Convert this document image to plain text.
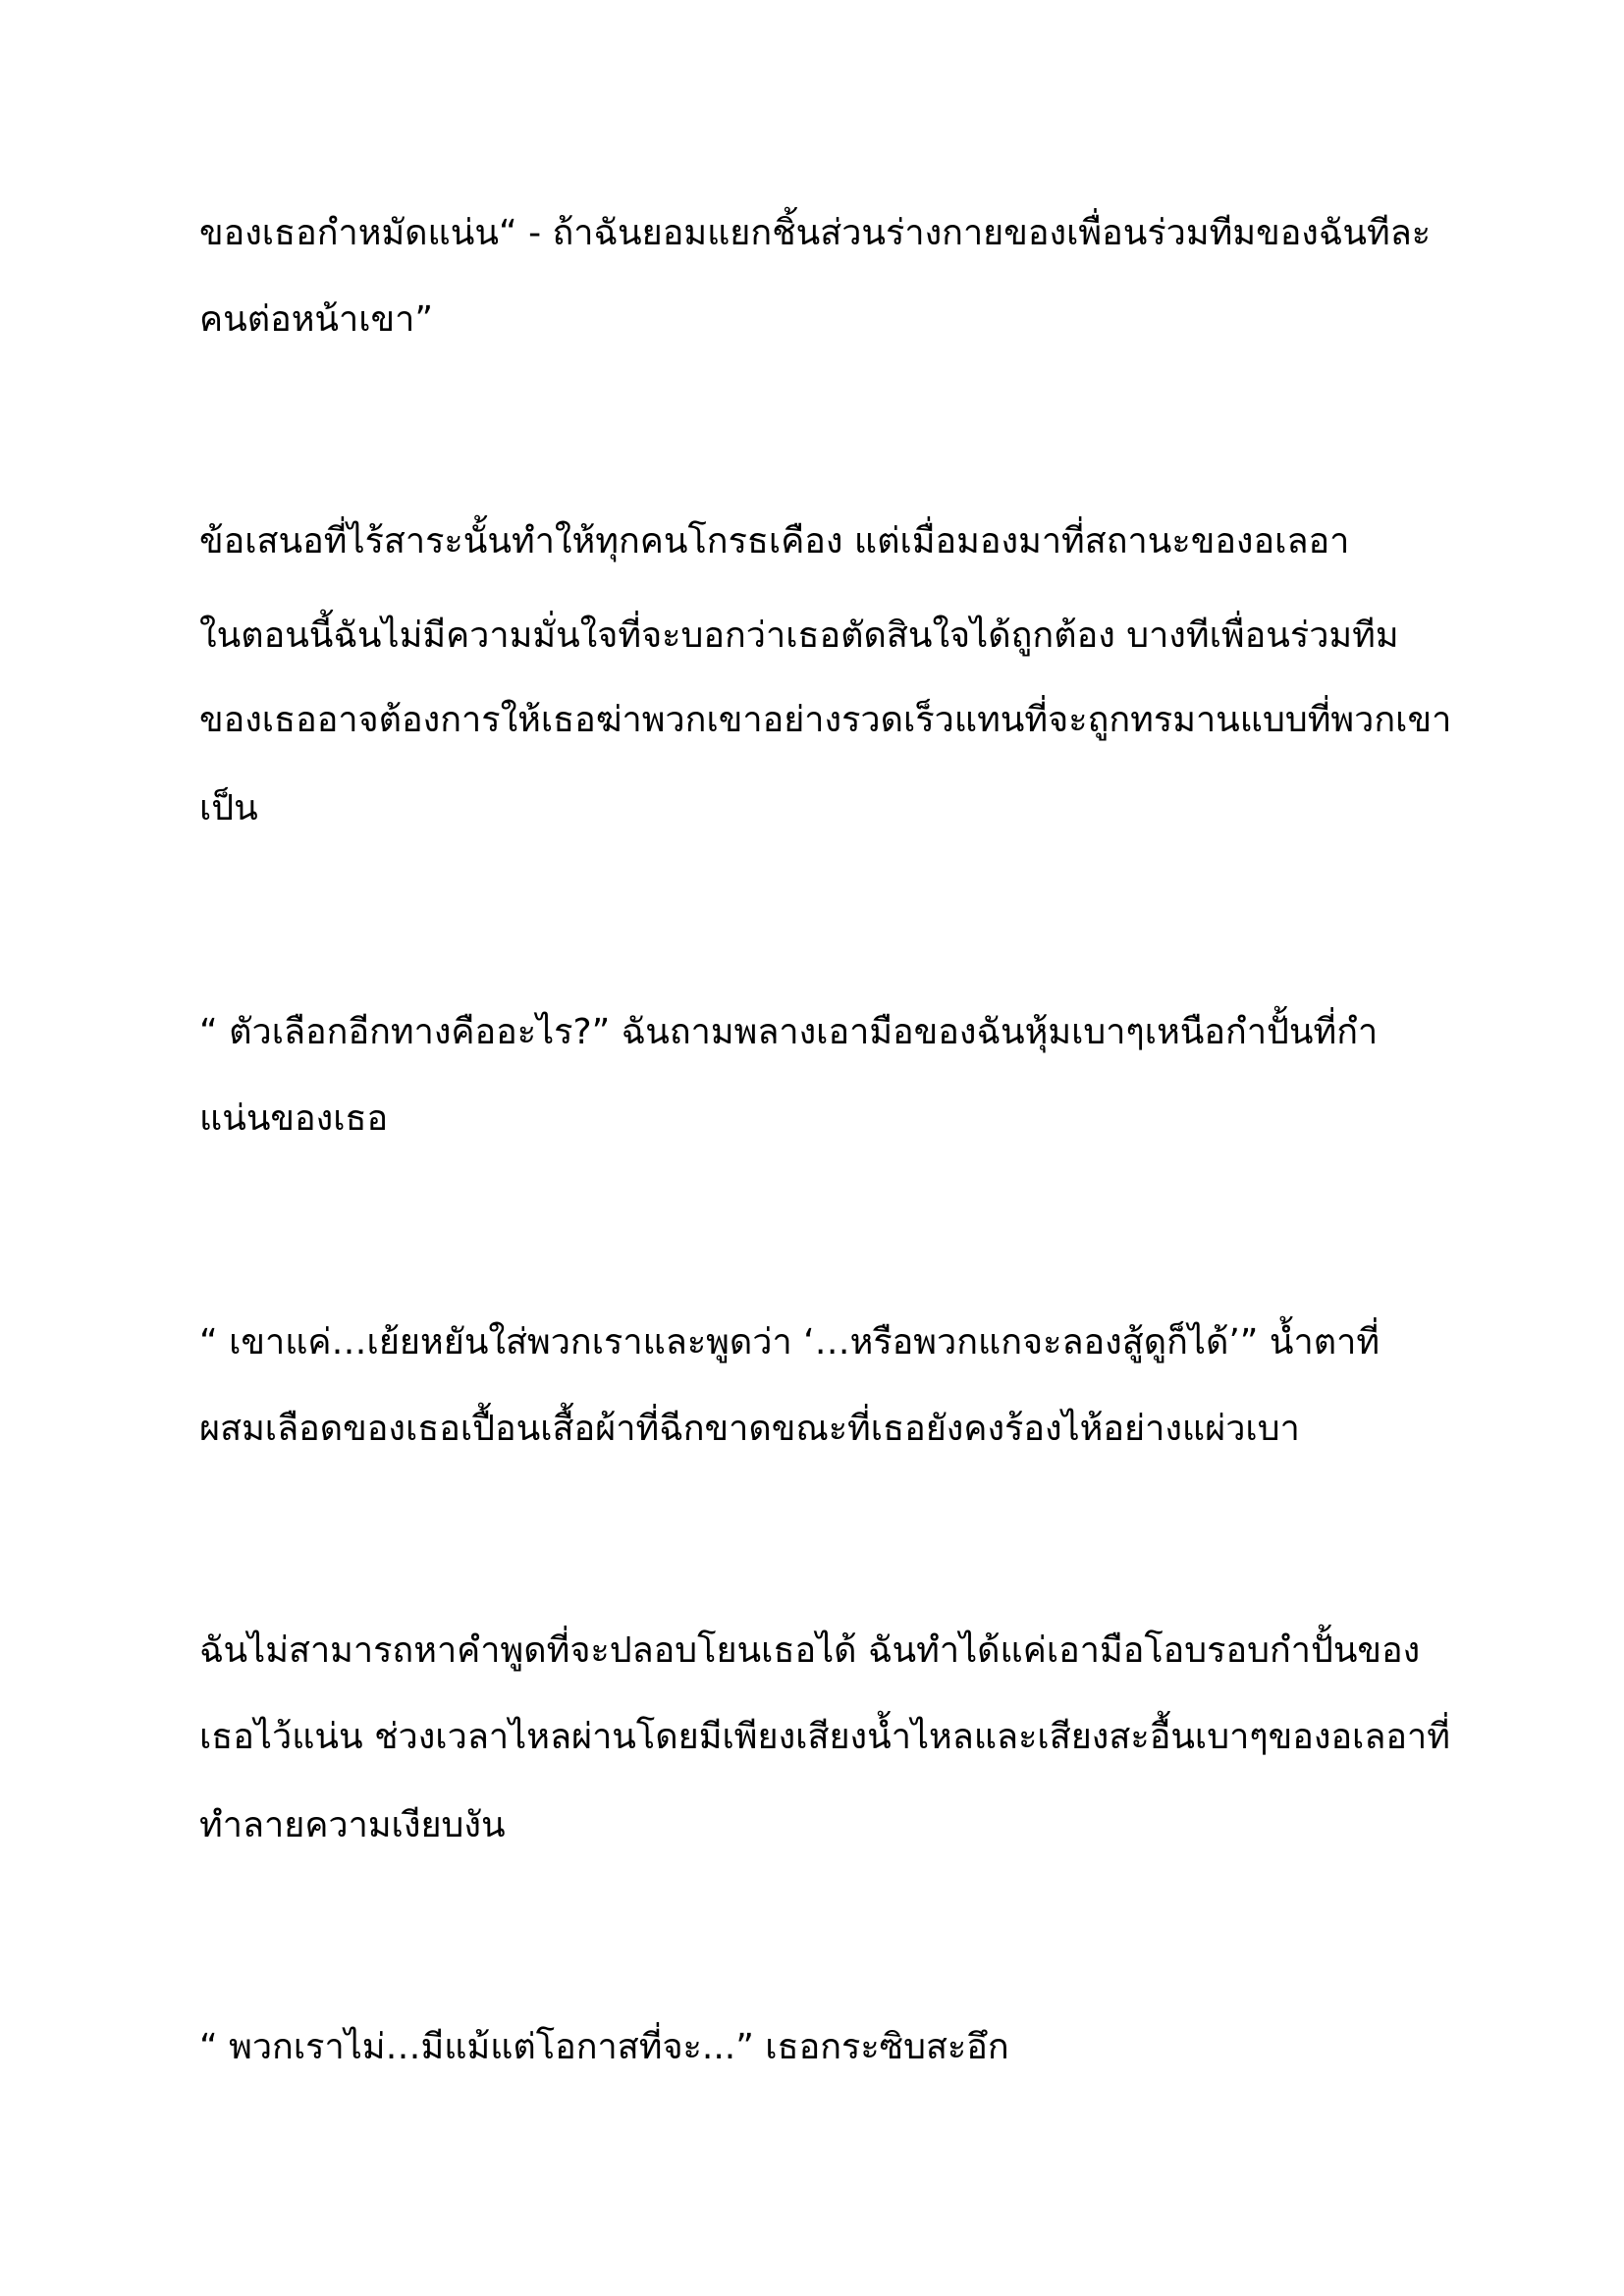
ของเธอกำหมัดแน่น“ - ถ้าฉันยอมแยกชิ้นส่วนร่างกายของเพื่อนร่วมทีมของฉันทีละ

คนต่อหน้าเขา”

ข้อเสนอที่ไร้สาระนั้นทำให้ทุกคนโกรธเคือง แต่เมื่อมองมาที่สถานะของอเลอา

ในตอนนี้ฉันไม่มีความมั่นใจที่จะบอกว่าเธอตัดสินใจได้ถูกต้อง บางทีเพื่อนร่วมทีม

ของเธออาจต้องการให้เธอฆ่าพวกเขาอย่างรวดเร็วแทนที่จะถูกทรมานแบบที่พวกเขา

เป็น

“ ตัวเลือกอีกทางคืออะไร?” ฉันถามพลางเอามือของฉันหุ้มเบาๆเหนือกำปั้นที่กำ

แน่นของเธอ

“ เขาแค่…เย้ยหยันใส่พวกเราและพูดว่า ‘…หรือพวกแกจะลองสู้ดูก็ได้’” น้ำตาที่

ผสมเลือดของเธอเปื้อนเสื้อผ้าที่ฉีกขาดขณะที่เธอยังคงร้องไห้อย่างแผ่วเบา

ฉันไม่สามารถหาคำพูดที่จะปลอบโยนเธอได้ ฉันทำได้แค่เอามือโอบรอบกำปั้นของ

เธอไว้แน่น ช่วงเวลาไหลผ่านโดยมีเพียงเสียงน้ำไหลและเสียงสะอื้นเบาๆของอเลอาที่

ทำลายความเงียบงัน

“ พวกเราไม่…มีแม้แต่โอกาสที่จะ...” เธอกระซิบสะอึก
